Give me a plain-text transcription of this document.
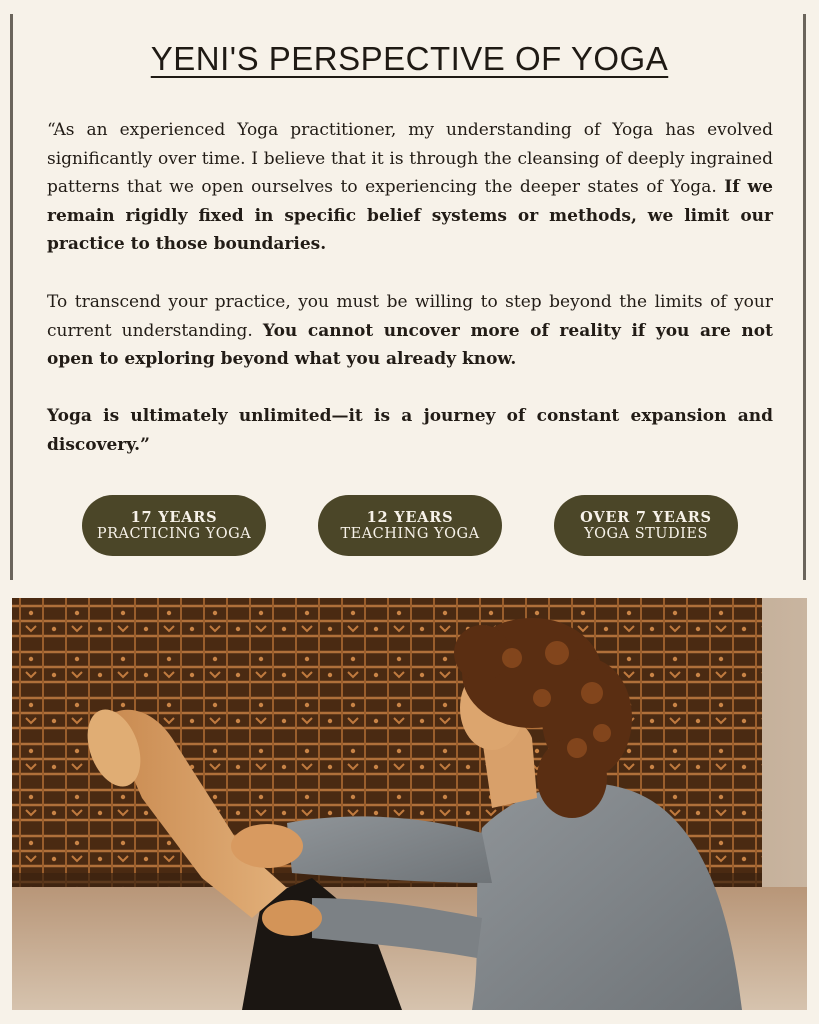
YENI'S PERSPECTIVE OF YOGA

“As an experienced Yoga practitioner, my understanding of Yoga has evolved significantly over time. I believe that it is through the cleansing of deeply ingrained patterns that we open ourselves to experiencing the deeper states of Yoga. If we remain rigidly fixed in specific belief systems or methods, we limit our practice to those boundaries.

To transcend your practice, you must be willing to step beyond the limits of your current understanding. You cannot uncover more of reality if you are not open to exploring beyond what you already know.

Yoga is ultimately unlimited—it is a journey of constant expansion and discovery.”

17 YEARS
PRACTICING YOGA
12 YEARS
TEACHING YOGA
OVER 7 YEARS
YOGA STUDIES
